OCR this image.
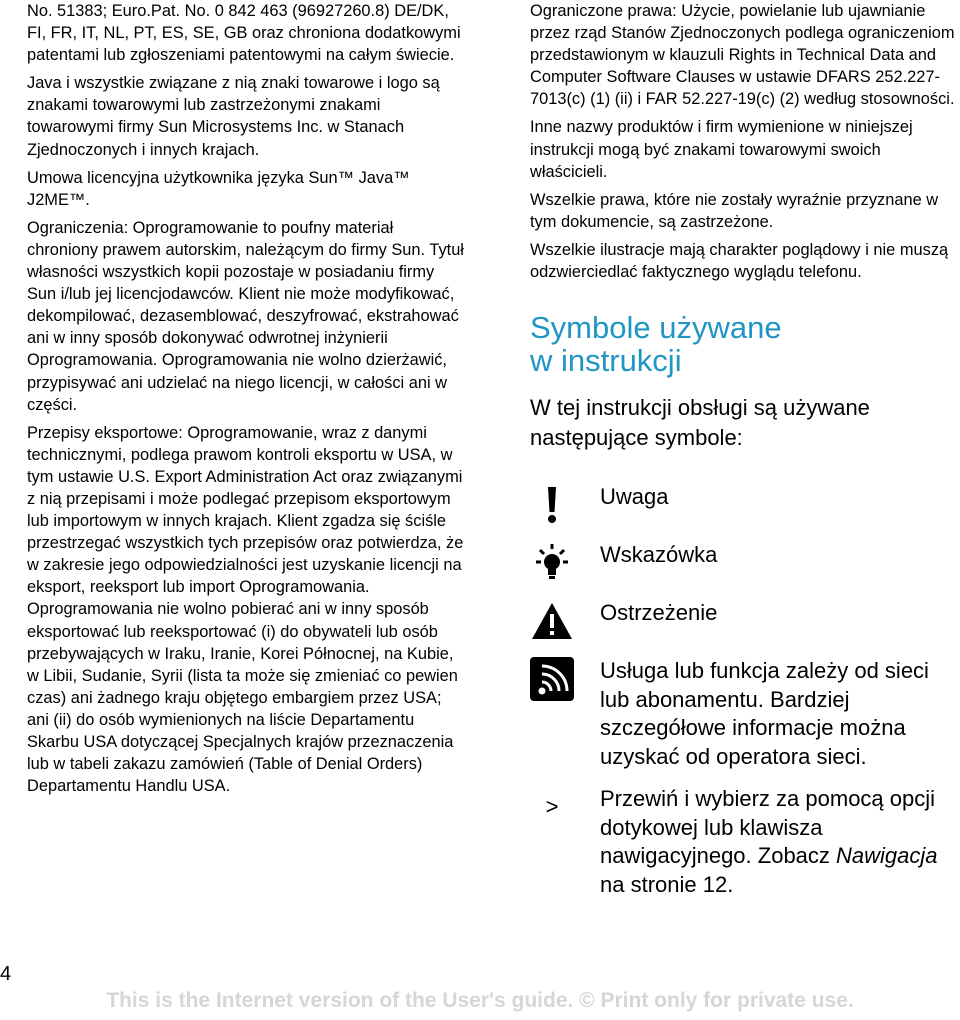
No. 51383; Euro.Pat. No. 0 842 463 (96927260.8) DE/DK, FI, FR, IT, NL, PT, ES, SE, GB oraz chroniona dodatkowymi patentami lub zgłoszeniami patentowymi na całym świecie.

Java i wszystkie związane z nią znaki towarowe i logo są znakami towarowymi lub zastrzeżonymi znakami towarowymi firmy Sun Microsystems Inc. w Stanach Zjednoczonych i innych krajach.

Umowa licencyjna użytkownika języka Sun™ Java™ J2ME™.

Ograniczenia: Oprogramowanie to poufny materiał chroniony prawem autorskim, należącym do firmy Sun. Tytuł własności wszystkich kopii pozostaje w posiadaniu firmy Sun i/lub jej licencjodawców. Klient nie może modyfikować, dekompilować, dezasemblować, deszyfrować, ekstrahować ani w inny sposób dokonywać odwrotnej inżynierii Oprogramowania. Oprogramowania nie wolno dzierżawić, przypisywać ani udzielać na niego licencji, w całości ani w części.

Przepisy eksportowe: Oprogramowanie, wraz z danymi technicznymi, podlega prawom kontroli eksportu w USA, w tym ustawie U.S. Export Administration Act oraz związanymi z nią przepisami i może podlegać przepisom eksportowym lub importowym w innych krajach. Klient zgadza się ściśle przestrzegać wszystkich tych przepisów oraz potwierdza, że w zakresie jego odpowiedzialności jest uzyskanie licencji na eksport, reeksport lub import Oprogramowania. Oprogramowania nie wolno pobierać ani w inny sposób eksportować lub reeksportować (i) do obywateli lub osób przebywających w Iraku, Iranie, Korei Północnej, na Kubie, w Libii, Sudanie, Syrii (lista ta może się zmieniać co pewien czas) ani żadnego kraju objętego embargiem przez USA; ani (ii) do osób wymienionych na liście Departamentu Skarbu USA dotyczącej Specjalnych krajów przeznaczenia lub w tabeli zakazu zamówień (Table of Denial Orders) Departamentu Handlu USA.

Ograniczone prawa: Użycie, powielanie lub ujawnianie przez rząd Stanów Zjednoczonych podlega ograniczeniom przedstawionym w klauzuli Rights in Technical Data and Computer Software Clauses w ustawie DFARS 252.227-7013(c) (1) (ii) i FAR 52.227-19(c) (2) według stosowności.

Inne nazwy produktów i firm wymienione w niniejszej instrukcji mogą być znakami towarowymi swoich właścicieli.

Wszelkie prawa, które nie zostały wyraźnie przyznane w tym dokumencie, są zastrzeżone.

Wszelkie ilustracje mają charakter poglądowy i nie muszą odzwierciedlać faktycznego wyglądu telefonu.

Symbole używane
w instrukcji
W tej instrukcji obsługi są używane następujące symbole:
Uwaga
Wskazówka
Ostrzeżenie
Usługa lub funkcja zależy od sieci lub abonamentu. Bardziej szczegółowe informacje można uzyskać od operatora sieci.
>	Przewiń i wybierz za pomocą opcji dotykowej lub klawisza nawigacyjnego. Zobacz Nawigacja na stronie 12.
4
This is the Internet version of the User's guide. © Print only for private use.
